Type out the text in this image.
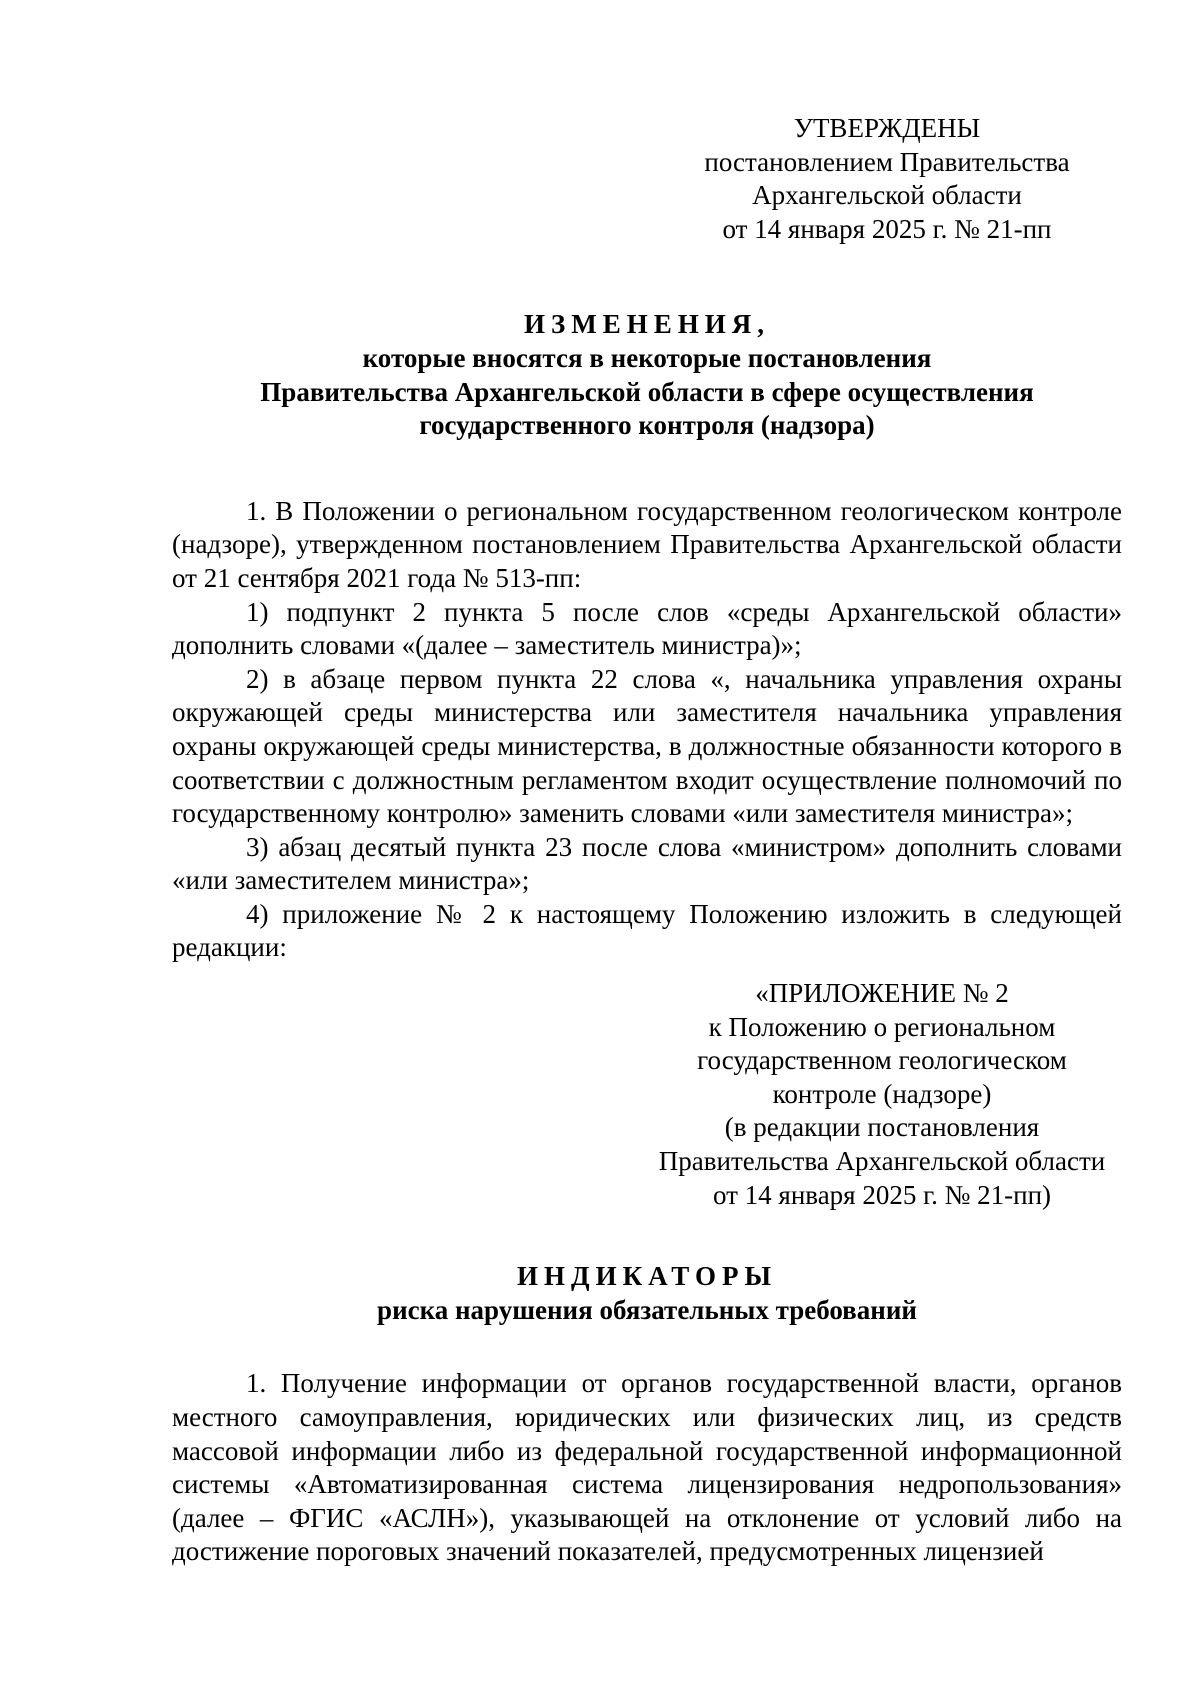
УТВЕРЖДЕНЫ
постановлением Правительства
Архангельской области
от 14 января 2025 г. № 21-пп
ИЗМЕНЕНИЯ,
которые вносятся в некоторые постановления
Правительства Архангельской области в сфере осуществления
государственного контроля (надзора)

1. В Положении о региональном государственном геологическом контроле (надзоре), утвержденном постановлением Правительства Архангельской области от 21 сентября 2021 года № 513-пп:

1) подпункт 2 пункта 5 после слов «среды Архангельской области» дополнить словами «(далее – заместитель министра)»;

2) в абзаце первом пункта 22 слова «, начальника управления охраны окружающей среды министерства или заместителя начальника управления охраны окружающей среды министерства, в должностные обязанности которого в соответствии с должностным регламентом входит осуществление полномочий по государственному контролю» заменить словами «или заместителя министра»;

3) абзац десятый пункта 23 после слова «министром» дополнить словами «или заместителем министра»;

4) приложение № 2 к настоящему Положению изложить в следующей редакции:

«ПРИЛОЖЕНИЕ № 2
к Положению о региональном
государственном геологическом
контроле (надзоре)
(в редакции постановления
Правительства Архангельской области
от 14 января 2025 г. № 21-пп)
ИНДИКАТОРЫ
риска нарушения обязательных требований

1. Получение информации от органов государственной власти, органов местного самоуправления, юридических или физических лиц, из средств массовой информации либо из федеральной государственной информационной системы «Автоматизированная система лицензирования недропользования» (далее – ФГИС «АСЛН»), указывающей на отклонение от условий либо на достижение пороговых значений показателей, предусмотренных лицензией
